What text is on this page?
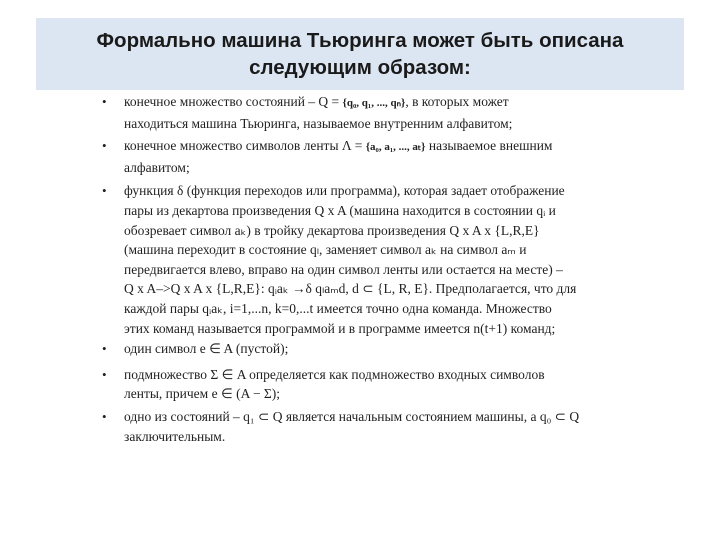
Формально машина Тьюринга может быть описана
следующим образом:

• конечное множество состояний – Q = {q₀, q₁, ..., qₙ}, в которых может
находиться машина Тьюринга, называемое внутренним алфавитом;

• конечное множество символов ленты Λ = {a₀, a₁, ..., aₜ} называемое внешним
алфавитом;

• функция δ (функция переходов или программа), которая задает отображение
пары из декартова произведения Q x A (машина находится в состоянии qᵢ и
обозревает символ aₖ) в тройку декартова произведения Q x A x {L,R,E}
(машина переходит в состояние qₗ, заменяет символ aₖ на символ aₘ и
передвигается влево, вправо на один символ ленты или остается на месте) –
Q x A–>Q x A x {L,R,E}: qᵢaₖ →δ qₗaₘd, d ⊂ {L, R, E}. Предполагается, что для
каждой пары qᵢaₖ, i=1,...n, k=0,...t имеется точно одна команда. Множество
этих команд называется программой и в программе имеется n(t+1) команд;

• один символ e ∈ A (пустой);

• подмножество Σ ∈ A определяется как подмножество входных символов
ленты, причем e ∈ (A − Σ);

• одно из состояний – q₁ ⊂ Q является начальным состоянием машины, а q₀ ⊂ Q
заключительным.
